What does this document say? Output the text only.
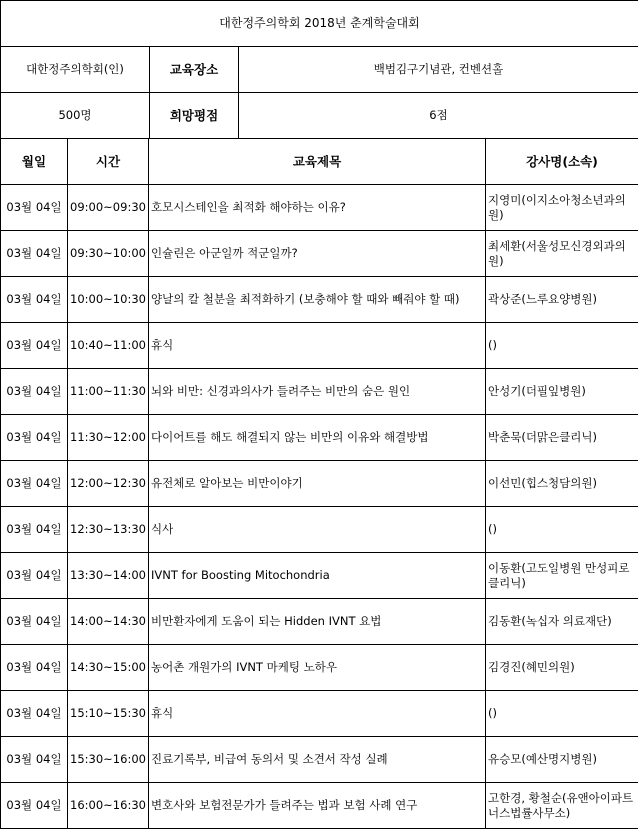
대한정주의학회 2018년 춘계학술대회		
대한정주의학회(인)	교육장소	백범김구기념관, 컨벤션홀
500명	희망평점	6점
월일	시간	교육제목	강사명(소속)
03월 04일	09:00~09:30	호모시스테인을 최적화 해야하는 이유?	지영미(이지소아청소년과의원)
03월 04일	09:30~10:00	인슐린은 아군일까 적군일까?	최세환(서울성모신경외과의원)
03월 04일	10:00~10:30	양날의 칼 철분을 최적화하기 (보충해야 할 때와 빼줘야 할 때)	곽상준(느루요양병원)
03월 04일	10:40~11:00	휴식	()
03월 04일	11:00~11:30	뇌와 비만: 신경과의사가 들려주는 비만의 숨은 원인	안성기(더필잎병원)
03월 04일	11:30~12:00	다이어트를 해도 해결되지 않는 비만의 이유와 해결방법	박춘묵(더맑은클리닉)
03월 04일	12:00~12:30	유전체로 알아보는 비만이야기	이선민(힙스청담의원)
03월 04일	12:30~13:30	식사	()
03월 04일	13:30~14:00	IVNT for Boosting Mitochondria	이동환(고도일병원 만성피로클리닉)
03월 04일	14:00~14:30	비만환자에게 도움이 되는 Hidden IVNT 요법	김동환(녹십자 의료재단)
03월 04일	14:30~15:00	농어촌 개원가의 IVNT 마케팅 노하우	김경진(혜민의원)
03월 04일	15:10~15:30	휴식	()
03월 04일	15:30~16:00	진료기록부, 비급여 동의서 및 소견서 작성 실례	유승모(예산명지병원)
03월 04일	16:00~16:30	변호사와 보험전문가가 들려주는 법과 보험 사례 연구	고한경, 황철순(유앤아이파트너스법률사무소)
